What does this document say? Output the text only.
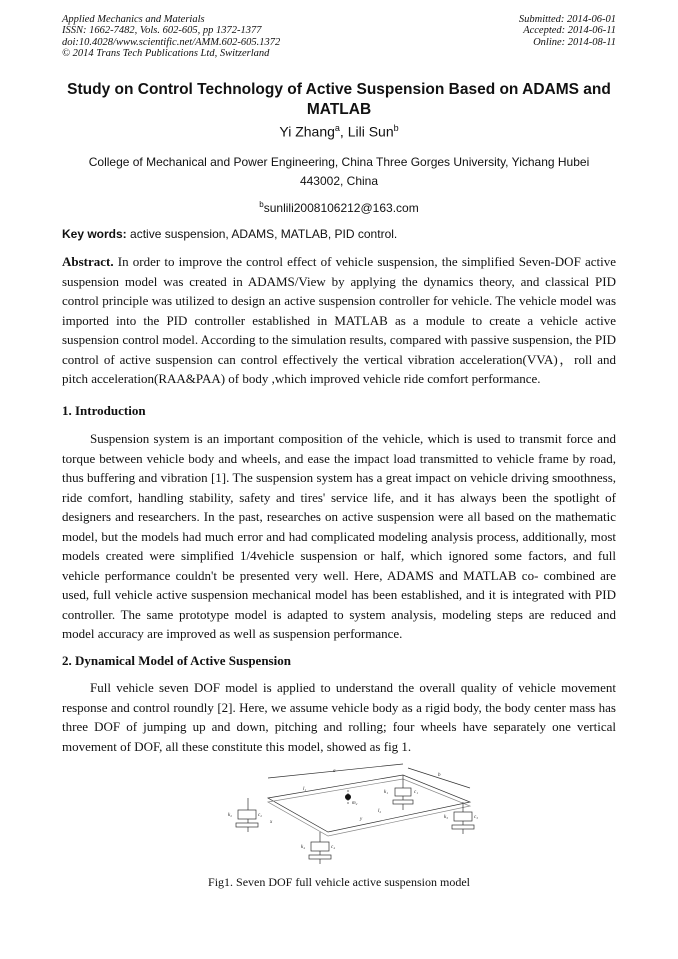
Applied Mechanics and Materials
ISSN: 1662-7482, Vols. 602-605, pp 1372-1377
doi:10.4028/www.scientific.net/AMM.602-605.1372
© 2014 Trans Tech Publications Ltd, Switzerland
Submitted: 2014-06-01
Accepted: 2014-06-11
Online: 2014-08-11
Study on Control Technology of Active Suspension Based on ADAMS and MATLAB
Yi Zhang$^a$, Lili Sun$^b$
College of Mechanical and Power Engineering, China Three Gorges University, Yichang Hubei 443002, China
$^b$sunlili2008106212@163.com
Key words: active suspension, ADAMS, MATLAB, PID control.
Abstract. In order to improve the control effect of vehicle suspension, the simplified Seven-DOF active suspension model was created in ADAMS/View by applying the dynamics theory, and classical PID control principle was utilized to design an active suspension controller for vehicle. The vehicle model was imported into the PID controller established in MATLAB as a module to create a vehicle active suspension control model. According to the simulation results, compared with passive suspension, the PID control of active suspension can control effectively the vertical vibration acceleration(VVA)，roll and pitch acceleration(RAA&PAA) of body ,which improved vehicle ride comfort performance.
1. Introduction
Suspension system is an important composition of the vehicle, which is used to transmit force and torque between vehicle body and wheels, and ease the impact load transmitted to vehicle frame by road, thus buffering and vibration [1]. The suspension system has a great impact on vehicle driving smoothness, ride comfort, handling stability, safety and tires' service life, and it has always been the spotlight of designers and researchers. In the past, researches on active suspension were all based on the mathematic model, but the models had much error and had complicated modeling analysis process, additionally, most models created were simplified 1/4vehicle suspension or half, which ignored some factors, and full vehicle performance couldn't be presented very well. Here, ADAMS and MATLAB co- combined are used, full vehicle active suspension mechanical model has been established, and it is integrated with PID controller. The same prototype model is adapted to system analysis, modeling steps are reduced and model accuracy are improved as well as suspension performance.
2. Dynamical Model of Active Suspension
Full vehicle seven DOF model is applied to understand the overall quality of vehicle movement response and control roundly [2]. Here, we assume vehicle body as a rigid body, the body center mass has three DOF of jumping up and down, pitching and rolling; four wheels have separately one vertical movement of DOF, all these constitute this model, showed as fig 1.
a
b
l₁
l₂
m₂
k₁	c₁
k₂	c₂	k₃	c₃
k₄	c₄
x
y
Fig1. Seven DOF full vehicle active suspension model
